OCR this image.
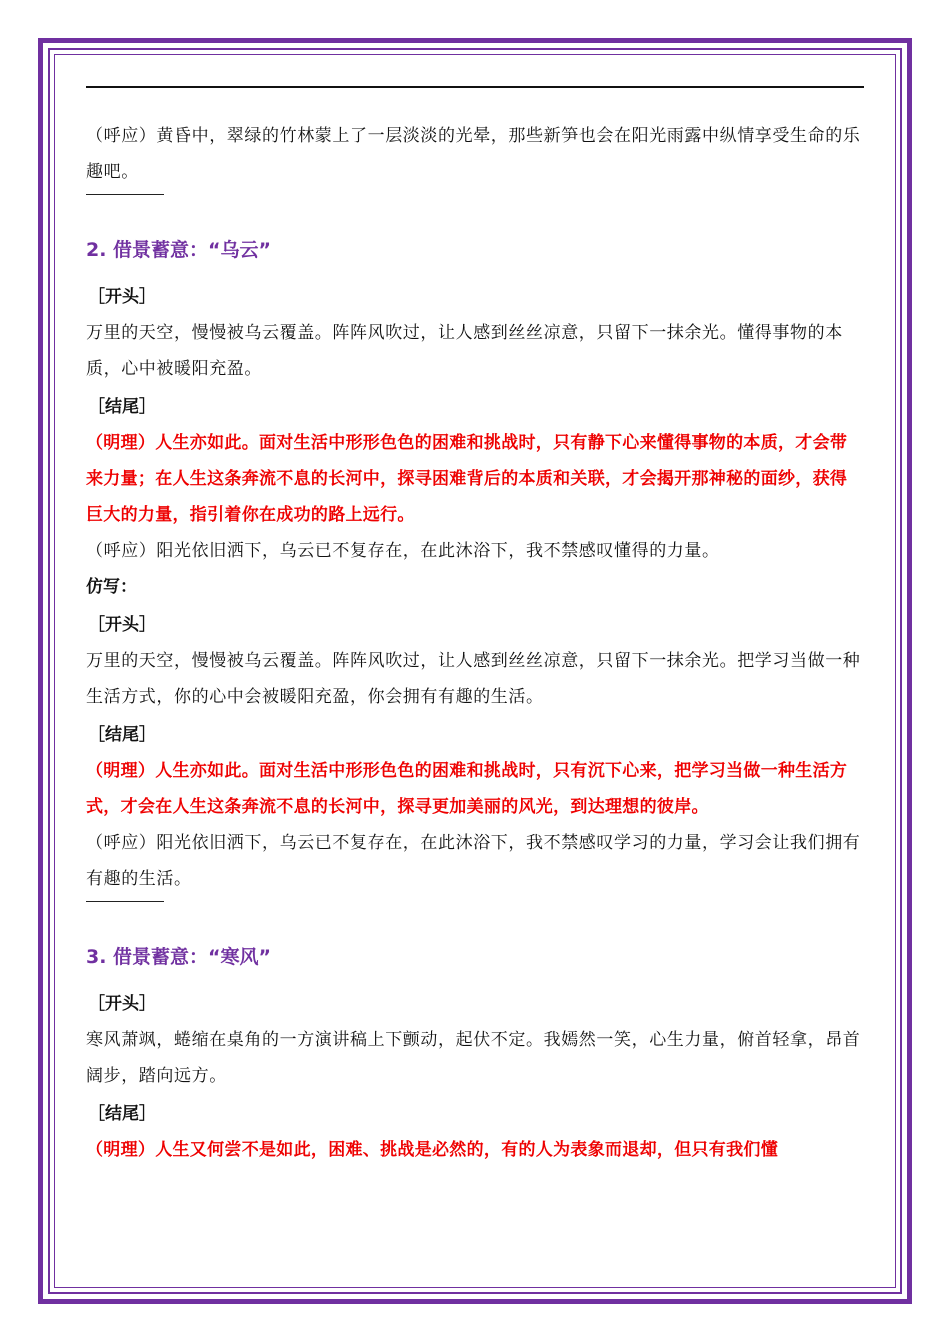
（呼应）黄昏中，翠绿的竹林蒙上了一层淡淡的光晕，那些新笋也会在阳光雨露中纵情享受生命的乐趣吧。

2. 借景蓄意：“乌云”

［开头］

万里的天空，慢慢被乌云覆盖。阵阵风吹过，让人感到丝丝凉意，只留下一抹余光。懂得事物的本质，心中被暖阳充盈。

［结尾］

（明理）人生亦如此。面对生活中形形色色的困难和挑战时，只有静下心来懂得事物的本质，才会带来力量；在人生这条奔流不息的长河中，探寻困难背后的本质和关联，才会揭开那神秘的面纱，获得巨大的力量，指引着你在成功的路上远行。

（呼应）阳光依旧洒下，乌云已不复存在，在此沐浴下，我不禁感叹懂得的力量。

仿写：

［开头］

万里的天空，慢慢被乌云覆盖。阵阵风吹过，让人感到丝丝凉意，只留下一抹余光。把学习当做一种生活方式，你的心中会被暖阳充盈，你会拥有有趣的生活。

［结尾］

（明理）人生亦如此。面对生活中形形色色的困难和挑战时，只有沉下心来，把学习当做一种生活方式，才会在人生这条奔流不息的长河中，探寻更加美丽的风光，到达理想的彼岸。

（呼应）阳光依旧洒下，乌云已不复存在，在此沐浴下，我不禁感叹学习的力量，学习会让我们拥有有趣的生活。

3. 借景蓄意：“寒风”

［开头］

寒风萧飒，蜷缩在桌角的一方演讲稿上下颤动，起伏不定。我嫣然一笑，心生力量，俯首轻拿，昂首阔步，踏向远方。

［结尾］

（明理）人生又何尝不是如此，困难、挑战是必然的，有的人为表象而退却，但只有我们懂
